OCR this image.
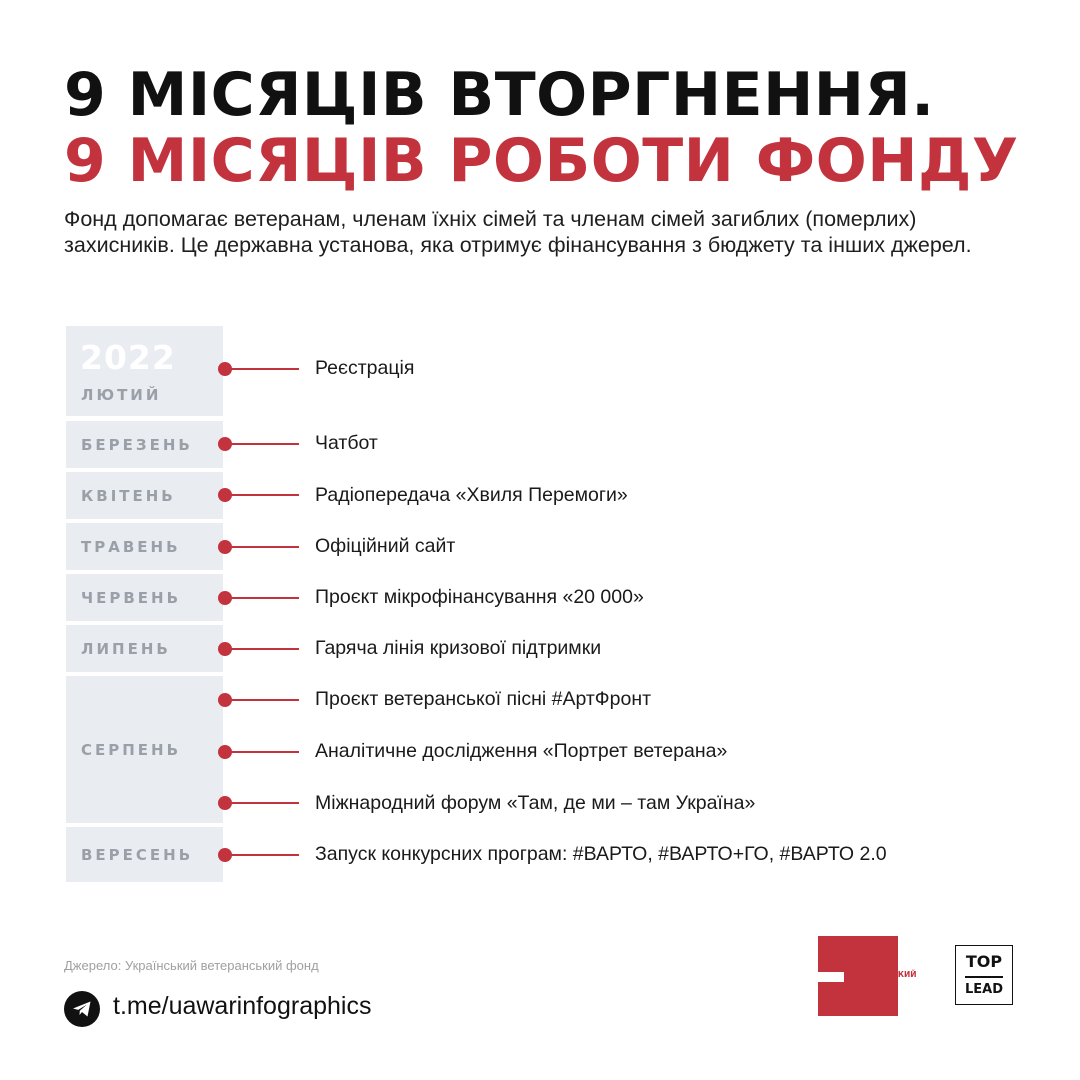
9 МІСЯЦІВ ВТОРГНЕННЯ.
9 МІСЯЦІВ РОБОТИ ФОНДУ

Фонд допомагає ветеранам, членам їхніх сімей та членам сімей загиблих (померлих) захисників. Це державна установа, яка отримує фінансування з бюджету та інших джерел.

2022
ЛЮТИЙ
БЕРЕЗЕНЬ
КВІТЕНЬ
ТРАВЕНЬ
ЧЕРВЕНЬ
ЛИПЕНЬ
СЕРПЕНЬ
ВЕРЕСЕНЬ
Реєстрація
Чатбот
Радіопередача «Хвиля Перемоги»
Офіційний сайт
Проєкт мікрофінансування «20 000»
Гаряча лінія кризової підтримки
Проєкт ветеранської пісні #АртФронт
Аналітичне дослідження «Портрет ветерана»
Міжнародний форум «Там, де ми – там Україна»
Запуск конкурсних програм: #ВАРТО, #ВАРТО+ГО, #ВАРТО 2.0
Джерело: Український ветеранський фонд
t.me/uawarinfographics
УКРАЇНСЬКИЙ
ВЕТЕРАНСЬКИЙ
ФОНД
TOP
LEAD
